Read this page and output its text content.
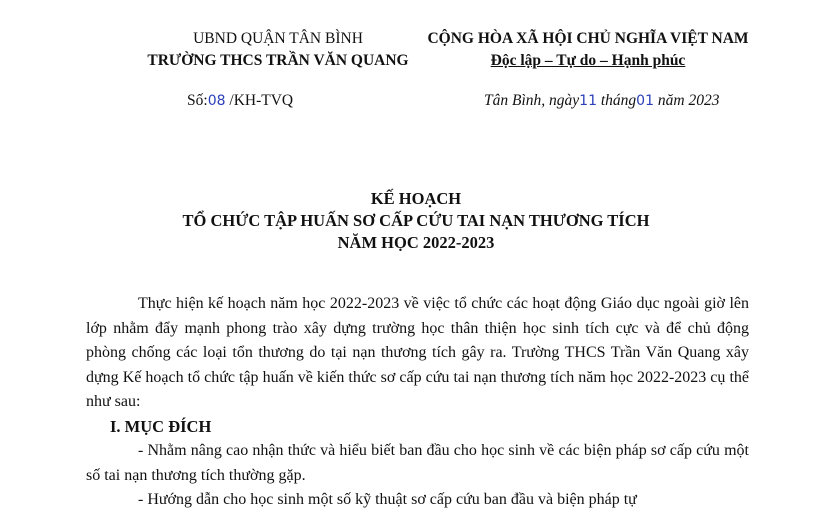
UBND QUẬN TÂN BÌNH
TRƯỜNG THCS TRẦN VĂN QUANG
CỘNG HÒA XÃ HỘI CHỦ NGHĨA VIỆT NAM
Độc lập – Tự do – Hạnh phúc
Số:08 /KH-TVQ	Tân Bình, ngày11 tháng01 năm 2023
KẾ HOẠCH
TỔ CHỨC TẬP HUẤN SƠ CẤP CỨU TAI NẠN THƯƠNG TÍCH
NĂM HỌC 2022-2023

Thực hiện kế hoạch năm học 2022-2023 về việc tổ chức các hoạt động Giáo dục ngoài giờ lên lớp nhằm đẩy mạnh phong trào xây dựng trường học thân thiện học sinh tích cực và để chủ động phòng chống các loại tổn thương do tại nạn thương tích gây ra. Trường THCS Trần Văn Quang xây dựng Kế hoạch tổ chức tập huấn về kiến thức sơ cấp cứu tai nạn thương tích năm học 2022-2023 cụ thể như sau:

I. MỤC ĐÍCH

- Nhằm nâng cao nhận thức và hiểu biết ban đầu cho học sinh về các biện pháp sơ cấp cứu một số tai nạn thương tích thường gặp.

- Hướng dẫn cho học sinh một số kỹ thuật sơ cấp cứu ban đầu và biện pháp tự
